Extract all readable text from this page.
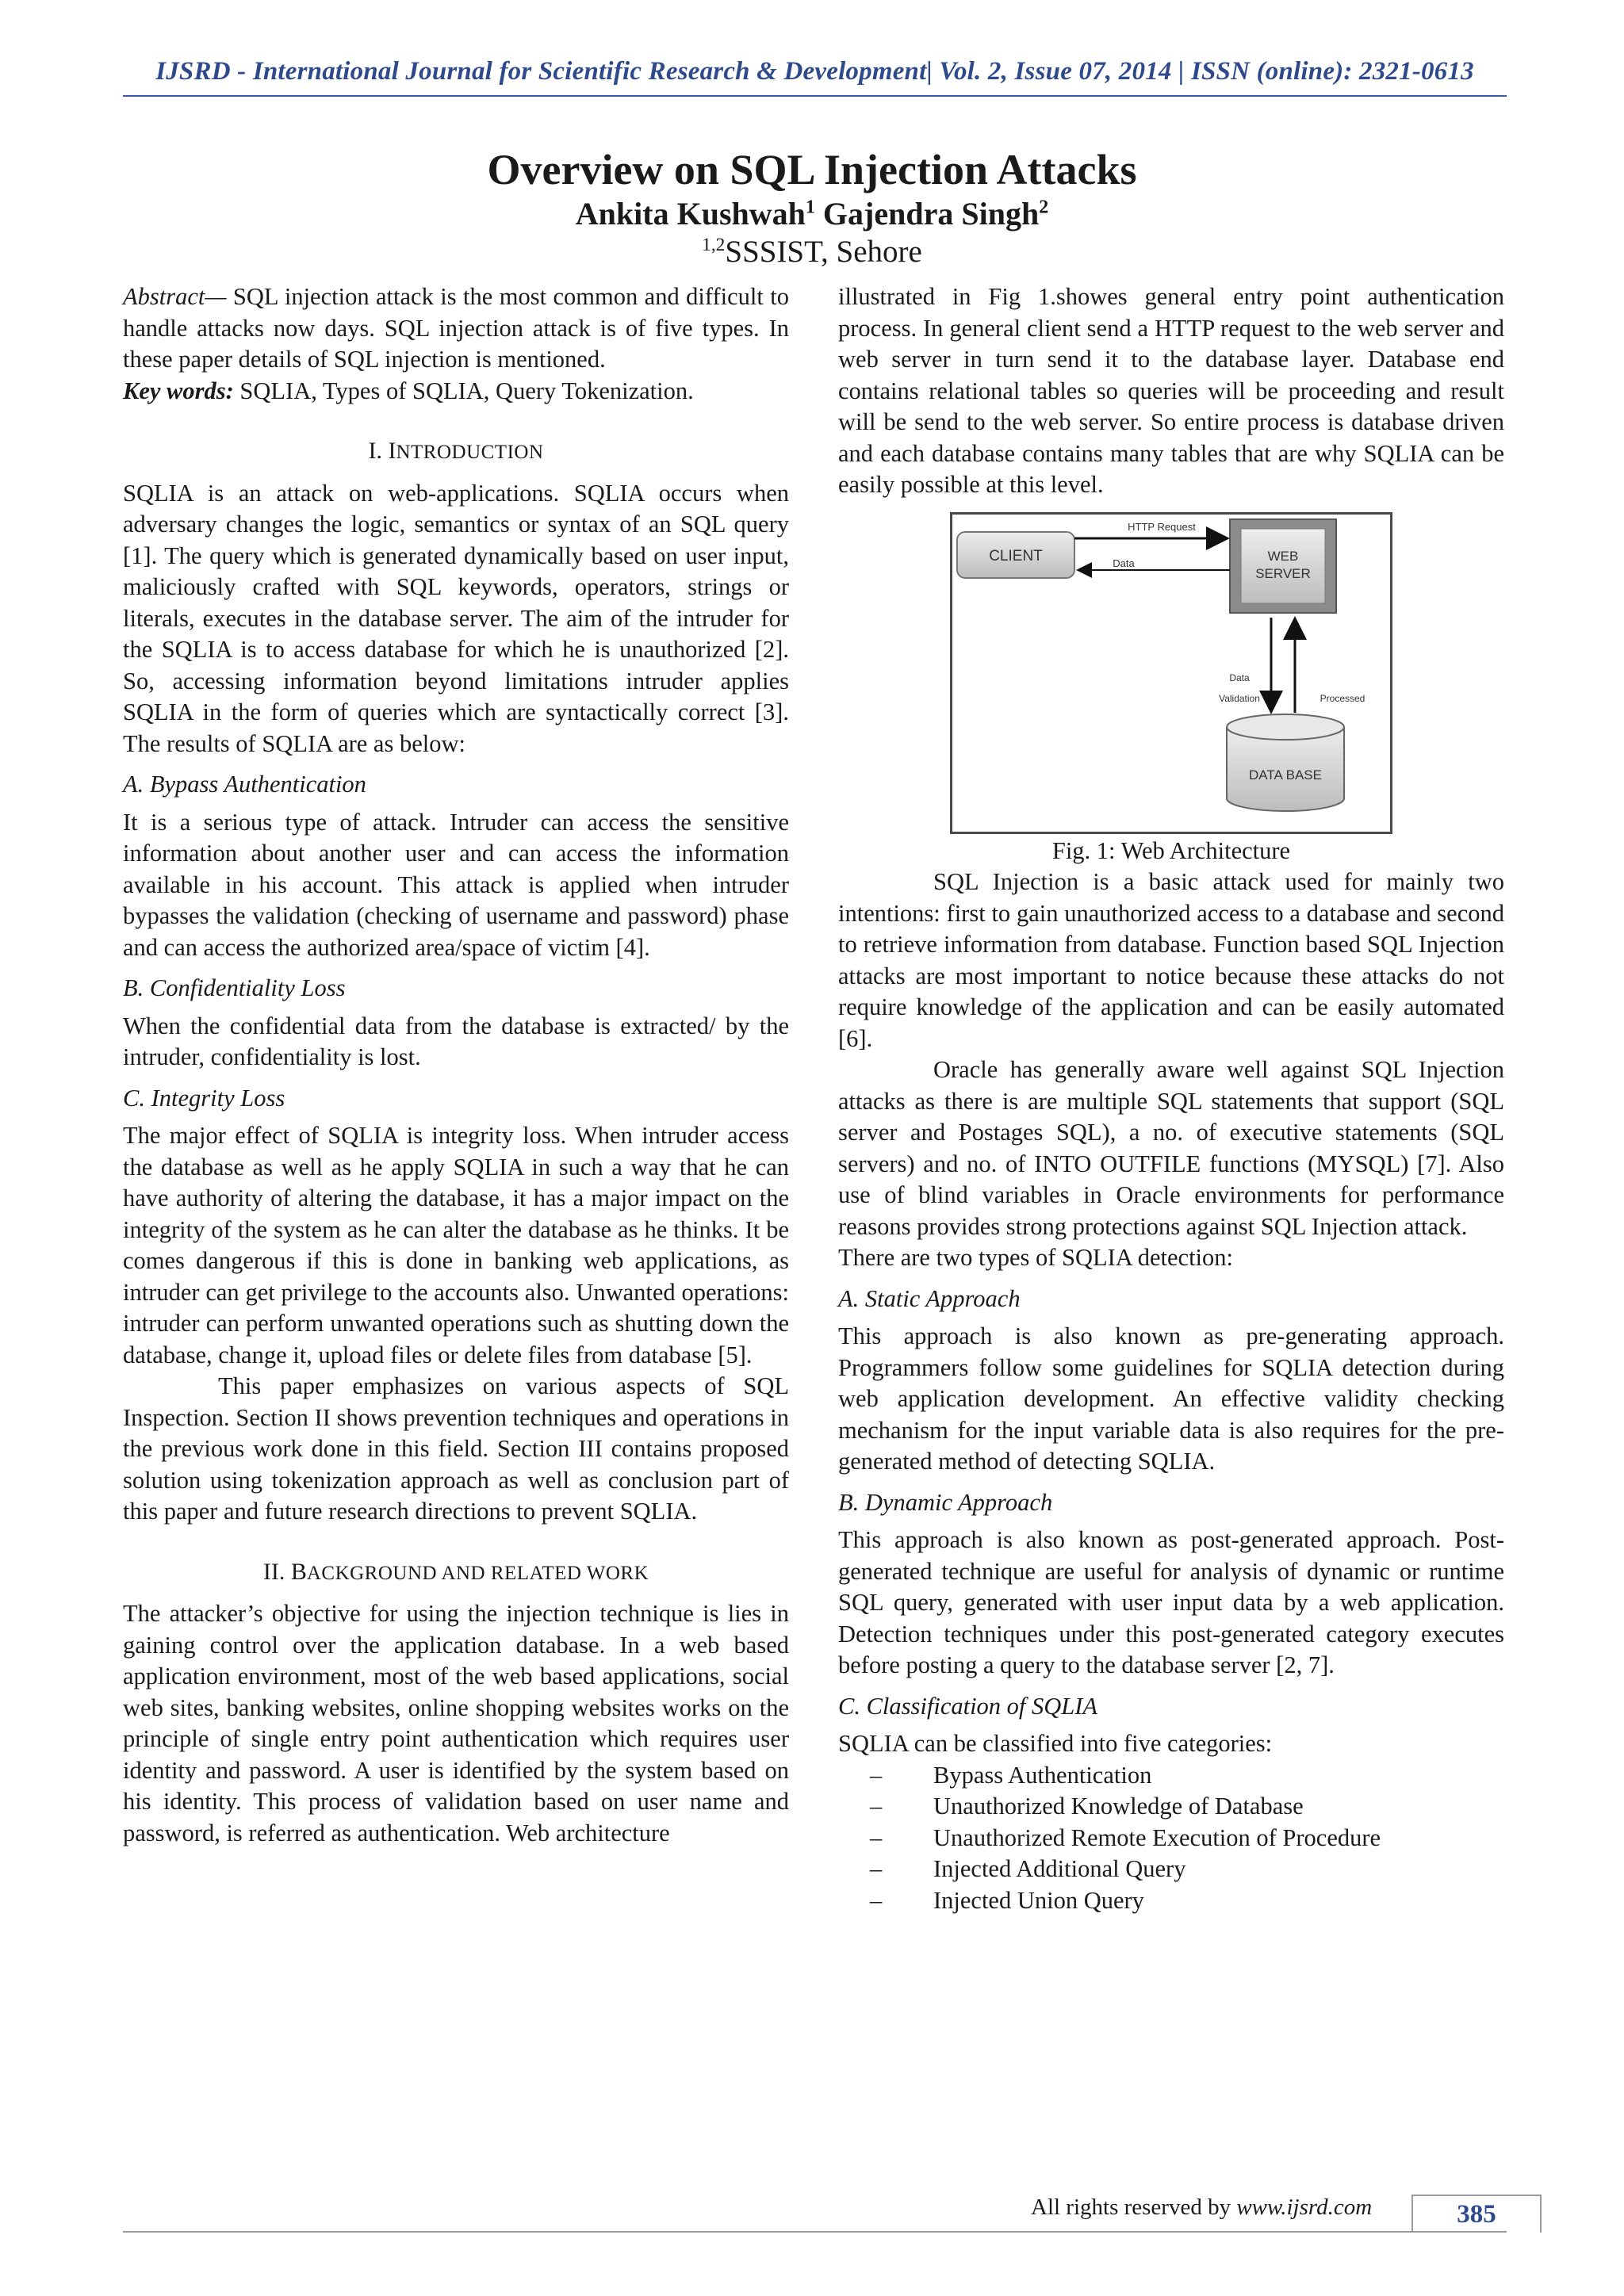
IJSRD - International Journal for Scientific Research & Development| Vol. 2, Issue 07, 2014 | ISSN (online): 2321-0613
Overview on SQL Injection Attacks
Ankita Kushwah$^1$ Gajendra Singh$^2$
$^{1,2}$SSSIST, Sehore

Abstract— SQL injection attack is the most common and difficult to handle attacks now days. SQL injection attack is of five types. In these paper details of SQL injection is mentioned.

Key words: SQLIA, Types of SQLIA, Query Tokenization.

I. INTRODUCTION

SQLIA is an attack on web-applications. SQLIA occurs when adversary changes the logic, semantics or syntax of an SQL query [1]. The query which is generated dynamically based on user input, maliciously crafted with SQL keywords, operators, strings or literals, executes in the database server. The aim of the intruder for the SQLIA is to access database for which he is unauthorized [2]. So, accessing information beyond limitations intruder applies SQLIA in the form of queries which are syntactically correct [3]. The results of SQLIA are as below:

A. Bypass Authentication

It is a serious type of attack. Intruder can access the sensitive information about another user and can access the information available in his account. This attack is applied when intruder bypasses the validation (checking of username and password) phase and can access the authorized area/space of victim [4].

B. Confidentiality Loss

When the confidential data from the database is extracted/ by the intruder, confidentiality is lost.

C. Integrity Loss

The major effect of SQLIA is integrity loss. When intruder access the database as well as he apply SQLIA in such a way that he can have authority of altering the database, it has a major impact on the integrity of the system as he can alter the database as he thinks. It be comes dangerous if this is done in banking web applications, as intruder can get privilege to the accounts also. Unwanted operations: intruder can perform unwanted operations such as shutting down the database, change it, upload files or delete files from database [5].

This paper emphasizes on various aspects of SQL Inspection. Section II shows prevention techniques and operations in the previous work done in this field. Section III contains proposed solution using tokenization approach as well as conclusion part of this paper and future research directions to prevent SQLIA.

II. BACKGROUND AND RELATED WORK

The attacker’s objective for using the injection technique is lies in gaining control over the application database. In a web based application environment, most of the web based applications, social web sites, banking websites, online shopping websites works on the principle of single entry point authentication which requires user identity and password. A user is identified by the system based on his identity. This process of validation based on user name and password, is referred as authentication. Web architecture

illustrated in Fig 1.showes general entry point authentication process. In general client send a HTTP request to the web server and web server in turn send it to the database layer. Database end contains relational tables so queries will be proceeding and result will be send to the web server. So entire process is database driven and each database contains many tables that are why SQLIA can be easily possible at this level.

CLIENT	WEB
SERVER
HTTP Request
Data
Data
Validation	Processed
DATA BASE
Fig. 1: Web Architecture

SQL Injection is a basic attack used for mainly two intentions: first to gain unauthorized access to a database and second to retrieve information from database. Function based SQL Injection attacks are most important to notice because these attacks do not require knowledge of the application and can be easily automated [6].

Oracle has generally aware well against SQL Injection attacks as there is are multiple SQL statements that support (SQL server and Postages SQL), a no. of executive statements (SQL servers) and no. of INTO OUTFILE functions (MYSQL) [7]. Also use of blind variables in Oracle environments for performance reasons provides strong protections against SQL Injection attack.

There are two types of SQLIA detection:

A. Static Approach

This approach is also known as pre-generating approach. Programmers follow some guidelines for SQLIA detection during web application development. An effective validity checking mechanism for the input variable data is also requires for the pre-generated method of detecting SQLIA.

B. Dynamic Approach

This approach is also known as post-generated approach. Post-generated technique are useful for analysis of dynamic or runtime SQL query, generated with user input data by a web application. Detection techniques under this post-generated category executes before posting a query to the database server [2, 7].

C. Classification of SQLIA

SQLIA can be classified into five categories:

–	Bypass Authentication
–	Unauthorized Knowledge of Database
–	Unauthorized Remote Execution of Procedure
–	Injected Additional Query
–	Injected Union Query
All rights reserved by www.ijsrd.com	385
